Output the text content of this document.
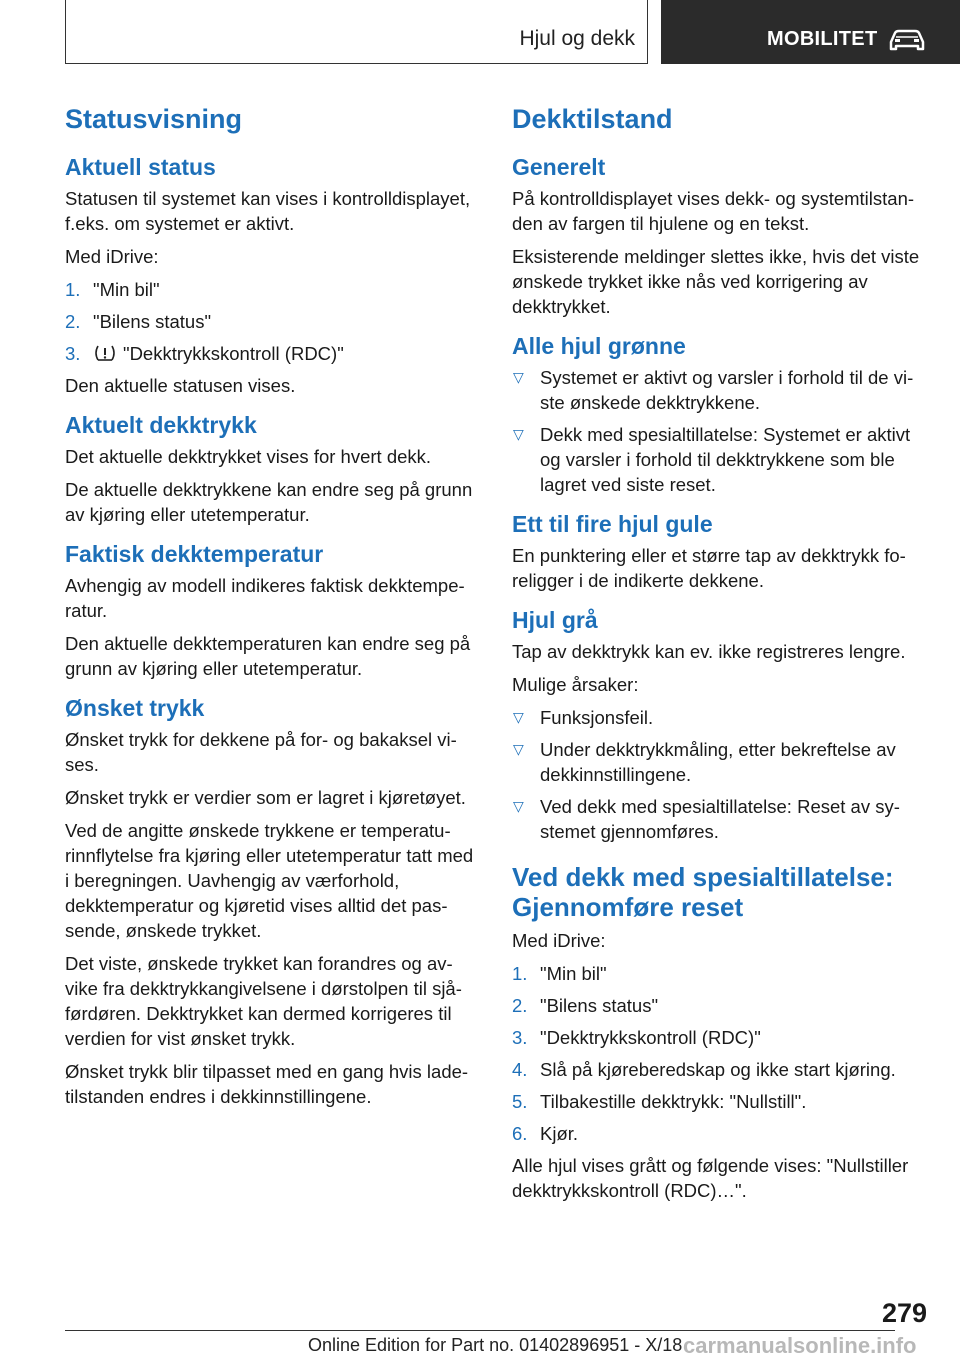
Hjul og dekk	MOBILITET
Statusvisning
Aktuell status

Statusen til systemet kan vises i kontrolldisplayet, f.eks. om systemet er aktivt.

Med iDrive:

1. "Min bil"
2. "Bilens status"
3. "Dekktrykkskontroll (RDC)"

Den aktuelle statusen vises.

Aktuelt dekktrykk

Det aktuelle dekktrykket vises for hvert dekk.

De aktuelle dekktrykkene kan endre seg på grunn av kjøring eller utetemperatur.

Faktisk dekktemperatur

Avhengig av modell indikeres faktisk dekktemperatur.

Den aktuelle dekktemperaturen kan endre seg på grunn av kjøring eller utetemperatur.

Ønsket trykk

Ønsket trykk for dekkene på for- og bakaksel vises.

Ønsket trykk er verdier som er lagret i kjøretøyet.

Ved de angitte ønskede trykkene er temperaturinnflytelse fra kjøring eller utetemperatur tatt med i beregningen. Uavhengig av værforhold, dekktemperatur og kjøretid vises alltid det passende, ønskede trykket.

Det viste, ønskede trykket kan forandres og avvike fra dekktrykkangivelsene i dørstolpen til sjåførdøren. Dekktrykket kan dermed korrigeres til verdien for vist ønsket trykk.

Ønsket trykk blir tilpasset med en gang hvis ladetilstanden endres i dekkinnstillingene.

Dekktilstand
Generelt

På kontrolldisplayet vises dekk- og systemtilstanden av fargen til hjulene og en tekst.

Eksisterende meldinger slettes ikke, hvis det viste ønskede trykket ikke nås ved korrigering av dekktrykket.

Alle hjul grønne
▽ Systemet er aktivt og varsler i forhold til de viste ønskede dekktrykkene.
▽ Dekk med spesialtillatelse: Systemet er aktivt og varsler i forhold til dekktrykkene som ble lagret ved siste reset.
Ett til fire hjul gule

En punktering eller et større tap av dekktrykk foreligger i de indikerte dekkene.

Hjul grå

Tap av dekktrykk kan ev. ikke registreres lengre.

Mulige årsaker:

▽ Funksjonsfeil.
▽ Under dekktrykkmåling, etter bekreftelse av dekkinnstillingene.
▽ Ved dekk med spesialtillatelse: Reset av systemet gjennomføres.
Ved dekk med spesialtillatelse: Gjennomføre reset

Med iDrive:

1. "Min bil"
2. "Bilens status"
3. "Dekktrykkskontroll (RDC)"
4. Slå på kjøreberedskap og ikke start kjøring.
5. Tilbakestille dekktrykk: "Nullstill".
6. Kjør.

Alle hjul vises grått og følgende vises: "Nullstiller dekktrykkskontroll (RDC)…".

279
Online Edition for Part no. 01402896951 - X/18 carmanualsonline.info
